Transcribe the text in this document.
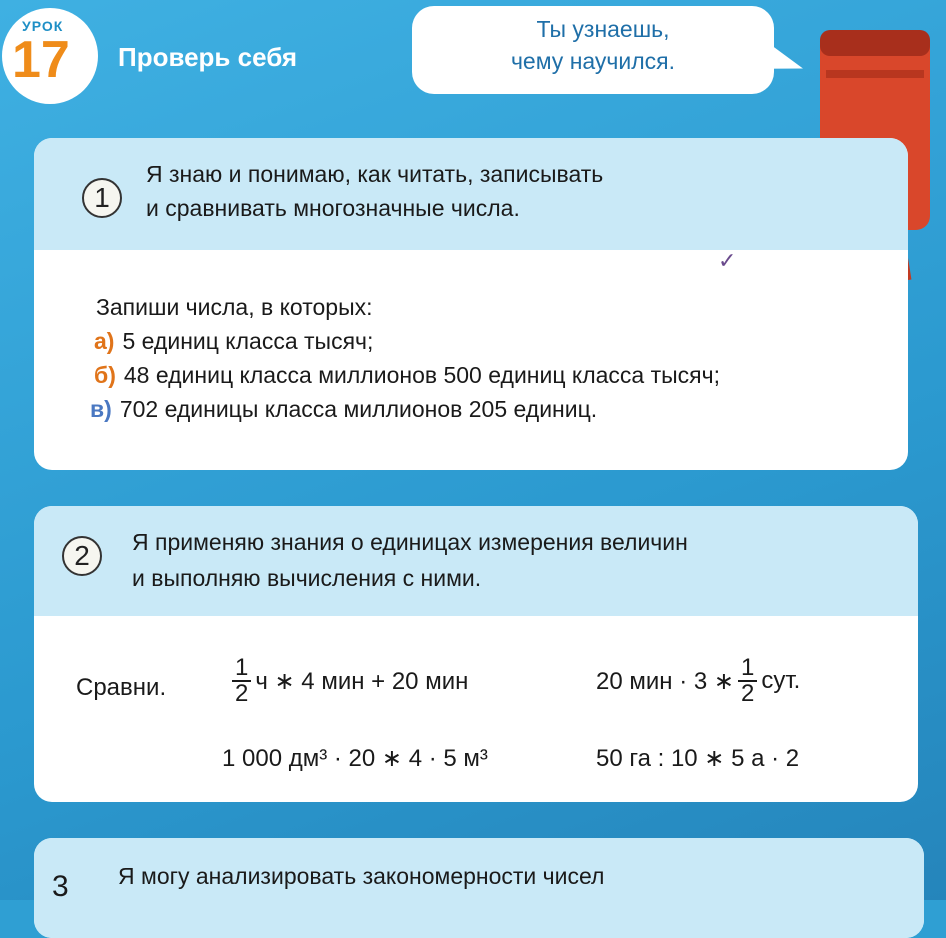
УРОК
17 Проверь себя
Ты узнаешь,
чему научился.
1
Я знаю и понимаю, как читать, записывать
и сравнивать многозначные числа.
Запиши числа, в которых:
а) 5 единиц класса тысяч;
б) 48 единиц класса миллионов 500 единиц класса тысяч;
в) 702 единицы класса миллионов 205 единиц.
✓
2	Я применяю знания о единицах измерения величин
и выполняю вычисления с ними.
Сравни.	$\frac{1}{2}$ ч ∗ 4 мин + 20 мин	20 мин · 3 ∗ $\frac{1}{2}$ сут.
1 000 дм³ · 20 ∗ 4 · 5 м³	50 га : 10 ∗ 5 а · 2
3 Я могу анализировать закономерности чисел
